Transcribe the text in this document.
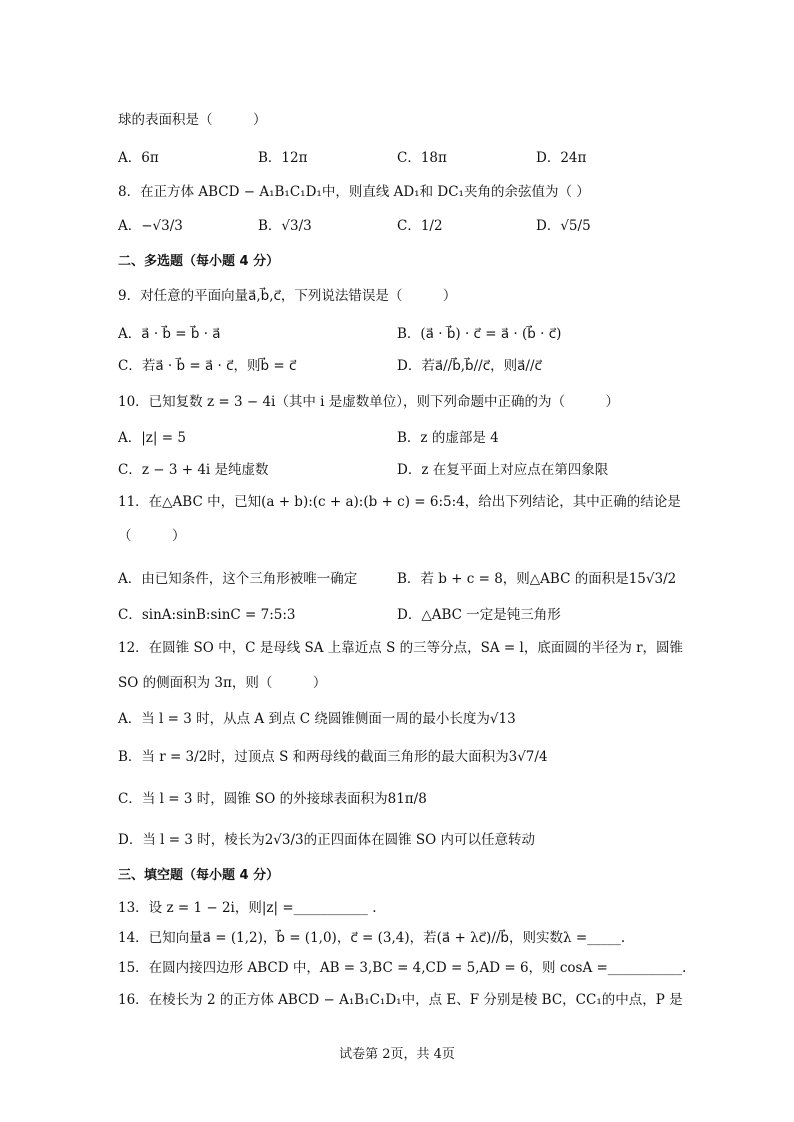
球的表面积是（　　　）
A．6π	B．12π	C．18π	D．24π
8．在正方体 ABCD − A₁B₁C₁D₁中，则直线 AD₁和 DC₁夹角的余弦值为（ ）
A．−√3/3	B．√3/3	C．1/2	D．√5/5
二、多选题（每小题 4 分）
9．对任意的平面向量a⃗,b⃗,c⃗，下列说法错误是（　　　）
A．a⃗ · b⃗ = b⃗ · a⃗	B．(a⃗ · b⃗) · c⃗ = a⃗ · (b⃗ · c⃗)
C．若a⃗ · b⃗ = a⃗ · c⃗，则b⃗ = c⃗	D．若a⃗//b⃗,b⃗//c⃗，则a⃗//c⃗
10．已知复数 z = 3 − 4i（其中 i 是虚数单位），则下列命题中正确的为（　　　）
A．|z| = 5	B．z 的虚部是 4
C．z − 3 + 4i 是纯虚数	D．z 在复平面上对应点在第四象限
11．在△ABC 中，已知(a + b):(c + a):(b + c) = 6:5:4，给出下列结论，其中正确的结论是
（　　　）
A．由已知条件，这个三角形被唯一确定	B．若 b + c = 8，则△ABC 的面积是15√3/2
C．sinA:sinB:sinC = 7:5:3	D．△ABC 一定是钝三角形
12．在圆锥 SO 中，C 是母线 SA 上靠近点 S 的三等分点，SA = l，底面圆的半径为 r，圆锥
SO 的侧面积为 3π，则（　　　）
A．当 l = 3 时，从点 A 到点 C 绕圆锥侧面一周的最小长度为√13
B．当 r = 3/2时，过顶点 S 和两母线的截面三角形的最大面积为3√7/4
C．当 l = 3 时，圆锥 SO 的外接球表面积为81π/8
D．当 l = 3 时，棱长为2√3/3的正四面体在圆锥 SO 内可以任意转动
三、填空题（每小题 4 分）
13．设 z = 1 − 2i，则|z| =___________ .
14．已知向量a⃗ = (1,2)，b⃗ = (1,0)，c⃗ = (3,4)，若(a⃗ + λc⃗)//b⃗，则实数λ =_____.
15．在圆内接四边形 ABCD 中，AB = 3,BC = 4,CD = 5,AD = 6，则 cosA =___________.
16．在棱长为 2 的正方体 ABCD − A₁B₁C₁D₁中，点 E、F 分别是棱 BC，CC₁的中点，P 是
试卷第 2页，共 4页
